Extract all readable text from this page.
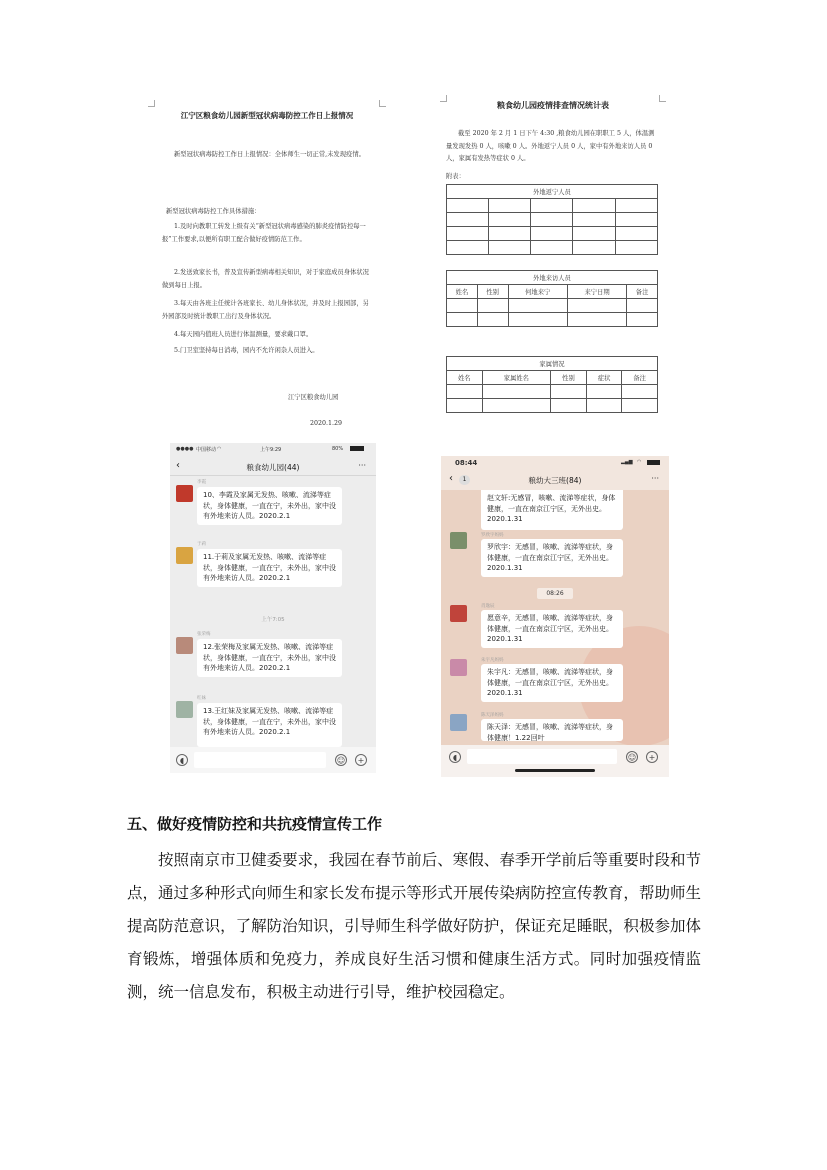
江宁区粮食幼儿园新型冠状病毒防控工作日上报情况
新型冠状病毒防控工作日上报情况：全体师生一切正常,未发现疫情。
新型冠状病毒防控工作具体措施：
1.及时向教职工转发上级有关“新型冠状病毒感染的肺炎疫情防控每一报”工作要求,以便所有职工配合做好疫情防范工作。
2.发送致家长书，普及宣传新型病毒相关知识，对于家庭成员身体状况做到每日上报。
3.每天由各班主任统计各班家长、幼儿身体状况，并及时上报园部，另外园部及时统计教职工出行及身体状况。
4.每天园内值班人员进行体温测量，要求戴口罩。
5.门卫室坚持每日消毒，园内不允许闲杂人员进入。
江宁区粮食幼儿园
2020.1.29
粮食幼儿园疫情排查情况统计表
截至 2020 年 2 月 1 日下午 4:30 ,粮食幼儿园在职职工 5 人，体温测量发现发热 0 人，咳嗽 0 人。外地返宁人员 0 人，家中有外地来访人员 0 人，家属有发热等症状 0 人。
附表：
外地返宁人员				

外地来访人员				
姓名	性别	何地来宁	来宁日期	备注

家属情况				
姓名	家属姓名	性别	症状	备注

●●●● 中国移动 ◠	上午9:29	80%
‹	粮食幼儿园(44)	···
李霞
10、李霞及家属无发热、咳嗽、流涕等症状，身体健康，一直在宁，未外出，家中没有外地来访人员。2020.2.1
于莉
11.于莉及家属无发热、咳嗽、流涕等症状，身体健康，一直在宁，未外出，家中没有外地来访人员。2020.2.1
上午7:05
张荣梅
12.张荣梅及家属无发热、咳嗽、流涕等症状，身体健康，一直在宁，未外出，家中没有外地来访人员。2020.2.1
红妹
13.王红妹及家属无发热、咳嗽、流涕等症状，身体健康，一直在宁，未外出，家中没有外地来访人员。2020.2.1
◖	☺	+
08:44	▂▄▆ ◠
‹	1	粮幼大三班(84)	···
赵文轩:无感冒，咳嗽、流涕等症状，身体健康，一直在南京江宁区，无外出史。2020.1.31
罗欣宇妈妈
罗欣宇：无感冒，咳嗽、流涕等症状，身体健康，一直在南京江宁区，无外出史。2020.1.31
08:26
肖逸辰
愿意辛，无感冒，咳嗽、流涕等症状，身体健康，一直在南京江宁区，无外出史。2020.1.31
朱宇凡妈妈
朱宇凡：无感冒，咳嗽、流涕等症状，身体健康，一直在南京江宁区，无外出史。2020.1.31
陈天泽妈妈
陈天泽：无感冒，咳嗽、流涕等症状，身体健康！1.22回叶
◖	☺	+
五、做好疫情防控和共抗疫情宣传工作

按照南京市卫健委要求，我园在春节前后、寒假、春季开学前后等重要时段和节点，通过多种形式向师生和家长发布提示等形式开展传染病防控宣传教育，帮助师生提高防范意识，了解防治知识，引导师生科学做好防护，保证充足睡眠，积极参加体育锻炼，增强体质和免疫力，养成良好生活习惯和健康生活方式。同时加强疫情监测，统一信息发布，积极主动进行引导，维护校园稳定。
